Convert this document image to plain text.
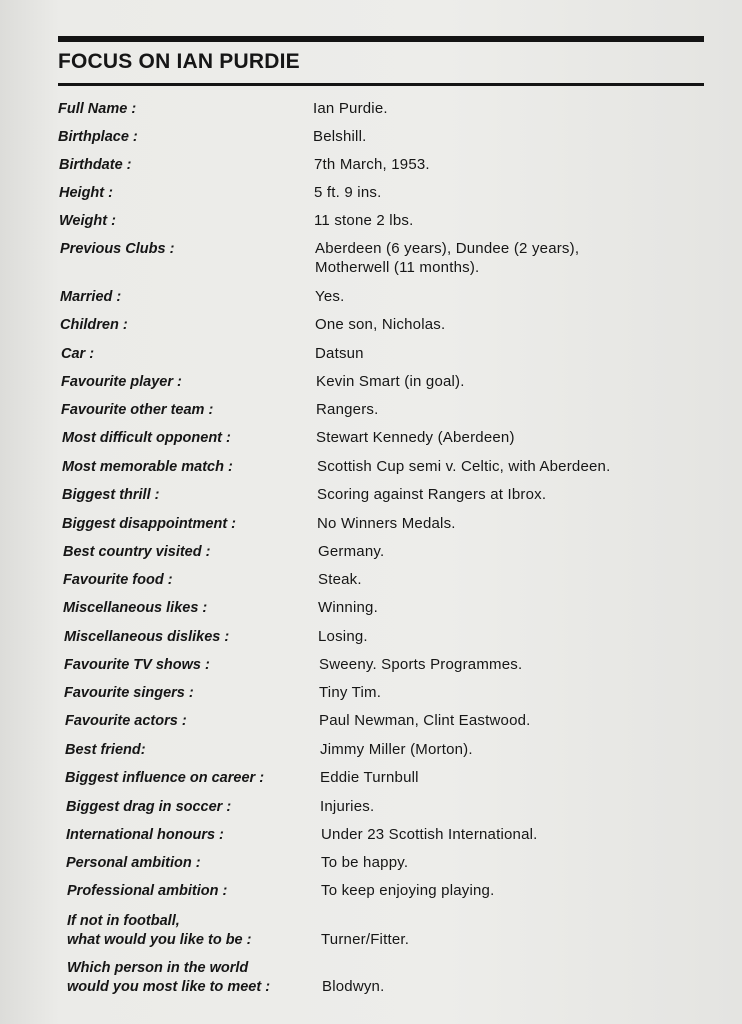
FOCUS ON IAN PURDIE
Full Name :	Ian Purdie.
Birthplace :	Belshill.
Birthdate :	7th March, 1953.
Height :	5 ft. 9 ins.
Weight :	11 stone 2 lbs.
Previous Clubs :	Aberdeen (6 years), Dundee (2 years),
Motherwell (11 months).
Married :	Yes.
Children :	One son, Nicholas.
Car :	Datsun
Favourite player :	Kevin Smart (in goal).
Favourite other team :	Rangers.
Most difficult opponent :	Stewart Kennedy (Aberdeen)
Most memorable match :	Scottish Cup semi v. Celtic, with Aberdeen.
Biggest thrill :	Scoring against Rangers at Ibrox.
Biggest disappointment :	No Winners Medals.
Best country visited :	Germany.
Favourite food :	Steak.
Miscellaneous likes :	Winning.
Miscellaneous dislikes :	Losing.
Favourite TV shows :	Sweeny. Sports Programmes.
Favourite singers :	Tiny Tim.
Favourite actors :	Paul Newman, Clint Eastwood.
Best friend:	Jimmy Miller (Morton).
Biggest influence on career :	Eddie Turnbull
Biggest drag in soccer :	Injuries.
International honours :	Under 23 Scottish International.
Personal ambition :	To be happy.
Professional ambition :	To keep enjoying playing.
If not in football,
what would you like to be :	Turner/Fitter.
Which person in the world
would you most like to meet :	Blodwyn.
